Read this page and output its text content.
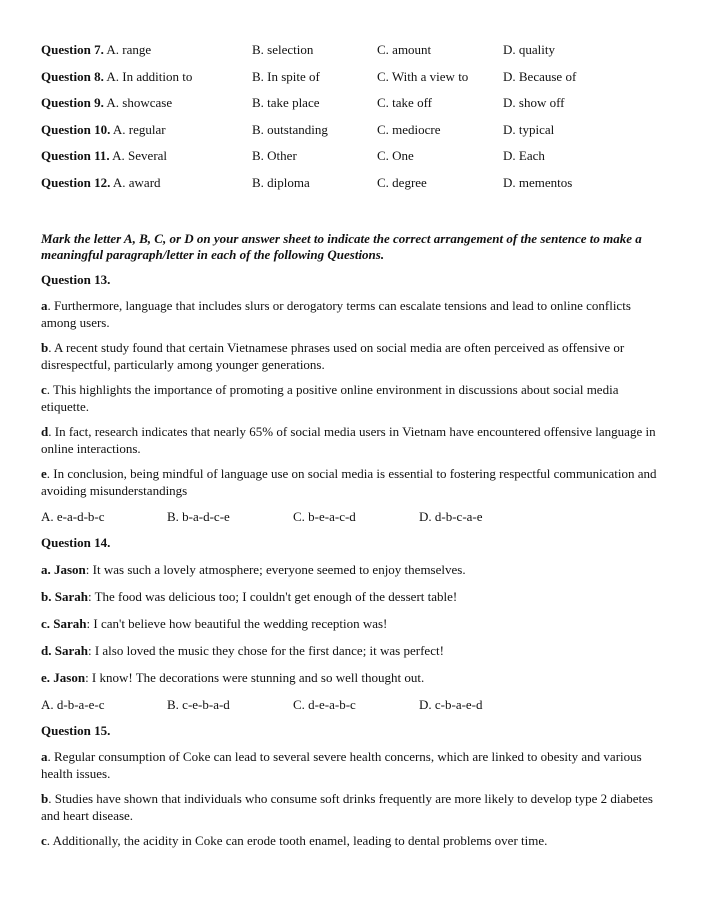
Question 7. A. range	B. selection	C. amount	D. quality
Question 8. A. In addition to	B. In spite of	C. With a view to	D. Because of
Question 9. A. showcase	B. take place	C. take off	D. show off
Question 10. A. regular	B. outstanding	C. mediocre	D. typical
Question 11. A. Several	B. Other	C. One	D. Each
Question 12. A. award	B. diploma	C. degree	D. mementos
Mark the letter A, B, C, or D on your answer sheet to indicate the correct arrangement of the sentence to make a meaningful paragraph/letter in each of the following Questions.
Question 13.
a. Furthermore, language that includes slurs or derogatory terms can escalate tensions and lead to online conflicts among users.
b. A recent study found that certain Vietnamese phrases used on social media are often perceived as offensive or disrespectful, particularly among younger generations.
c. This highlights the importance of promoting a positive online environment in discussions about social media etiquette.
d. In fact, research indicates that nearly 65% of social media users in Vietnam have encountered offensive language in online interactions.
e. In conclusion, being mindful of language use on social media is essential to fostering respectful communication and avoiding misunderstandings
A. e-a-d-b-c	B. b-a-d-c-e	C. b-e-a-c-d	D. d-b-c-a-e
Question 14.
a. Jason: It was such a lovely atmosphere; everyone seemed to enjoy themselves.
b. Sarah: The food was delicious too; I couldn't get enough of the dessert table!
c. Sarah: I can't believe how beautiful the wedding reception was!
d. Sarah: I also loved the music they chose for the first dance; it was perfect!
e. Jason: I know! The decorations were stunning and so well thought out.
A. d-b-a-e-c	B. c-e-b-a-d	C. d-e-a-b-c	D. c-b-a-e-d
Question 15.
a. Regular consumption of Coke can lead to several severe health concerns, which are linked to obesity and various health issues.
b. Studies have shown that individuals who consume soft drinks frequently are more likely to develop type 2 diabetes and heart disease.
c. Additionally, the acidity in Coke can erode tooth enamel, leading to dental problems over time.
